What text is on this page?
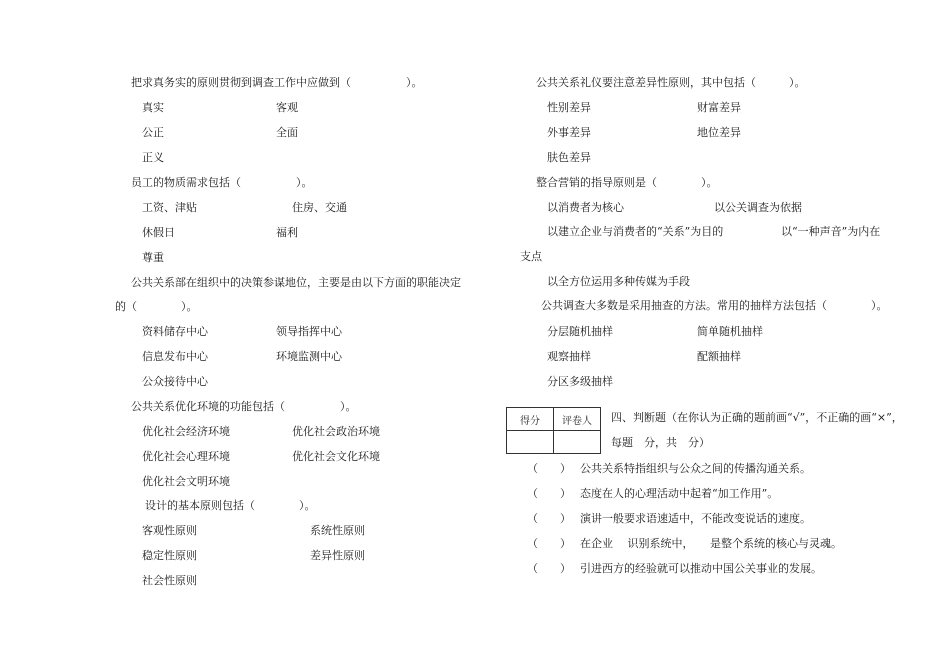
把求真务实的原则贯彻到调查工作中应做到（　　　　　）。
真实	客观
公正	全面
正义
员工的物质需求包括（　　　　　）。
工资、津贴	住房、交通
休假日	福利
尊重
公共关系部在组织中的决策参谋地位，主要是由以下方面的职能决定
的（　　　　）。
资料储存中心	领导指挥中心
信息发布中心	环境监测中心
公众接待中心
公共关系优化环境的功能包括（　　　　　）。
优化社会经济环境	优化社会政治环境
优化社会心理环境	优化社会文化环境
优化社会文明环境
设计的基本原则包括（　　　　）。
客观性原则	系统性原则
稳定性原则	差异性原则
社会性原则
公共关系礼仪要注意差异性原则，其中包括（　　　）。
性别差异	财富差异
外事差异	地位差异
肤色差异
整合营销的指导原则是（　　　　）。
以消费者为核心	以公关调查为依据
以建立企业与消费者的“关系”为目的	以“一种声音”为内在
支点
以全方位运用多种传媒为手段
公共调查大多数是采用抽查的方法。常用的抽样方法包括（　　　　）。
分层随机抽样	简单随机抽样
观察抽样	配额抽样
分区多级抽样
得分	评卷人
	四、判断题（在你认为正确的题前画“√”，不正确的画“×”，
每题　分，共　分）
（　　） 公共关系特指组织与公众之间的传播沟通关系。
（　　） 态度在人的心理活动中起着“加工作用”。
（　　） 演讲一般要求语速适中，不能改变说话的速度。
（　　） 在企业　 识别系统中，　　是整个系统的核心与灵魂。
（　　） 引进西方的经验就可以推动中国公关事业的发展。
